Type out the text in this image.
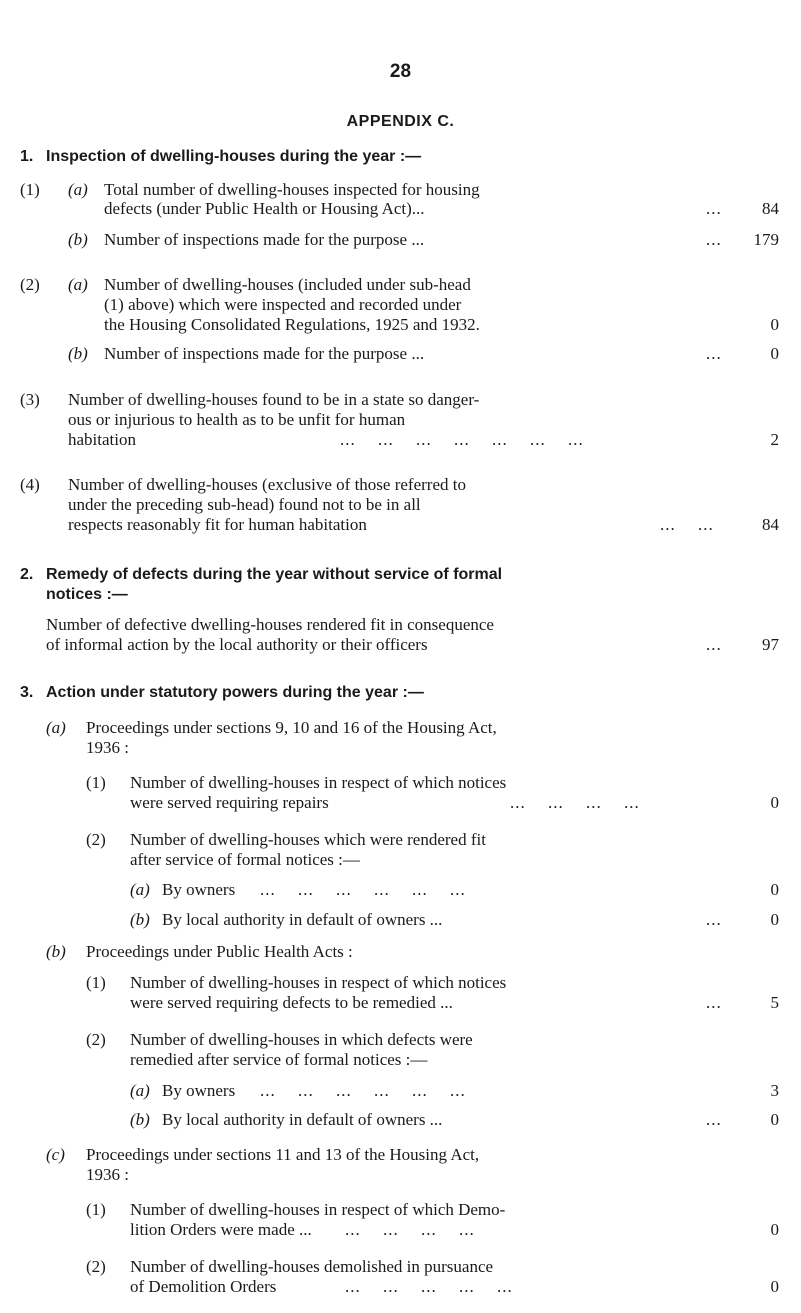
28
APPENDIX C.
1. Inspection of dwelling-houses during the year :—
(1) (a) Total number of dwelling-houses inspected for housing
defects (under Public Health or Housing Act)...	...	84
(b) Number of inspections made for the purpose ...	...	179
(2) (a) Number of dwelling-houses (included under sub-head
(1) above) which were inspected and recorded under
the Housing Consolidated Regulations, 1925 and 1932.	0
(b) Number of inspections made for the purpose ...	...	0
(3) Number of dwelling-houses found to be in a state so danger-
ous or injurious to health as to be unfit for human
habitation	... ... ... ... ... ... ...	2
(4) Number of dwelling-houses (exclusive of those referred to
under the preceding sub-head) found not to be in all
respects reasonably fit for human habitation	... ...	84
2. Remedy of defects during the year without service of formal
notices :—
Number of defective dwelling-houses rendered fit in consequence
of informal action by the local authority or their officers	...	97
3. Action under statutory powers during the year :—
(a) Proceedings under sections 9, 10 and 16 of the Housing Act,
1936 :
(1) Number of dwelling-houses in respect of which notices
were served requiring repairs	... ... ... ...	0
(2) Number of dwelling-houses which were rendered fit
after service of formal notices :—
(a) By owners ... ... ... ... ... ...	0
(b) By local authority in default of owners ...	...	0
(b) Proceedings under Public Health Acts :
(1) Number of dwelling-houses in respect of which notices
were served requiring defects to be remedied ...	...	5
(2) Number of dwelling-houses in which defects were
remedied after service of formal notices :—
(a) By owners ... ... ... ... ... ...	3
(b) By local authority in default of owners ...	...	0
(c) Proceedings under sections 11 and 13 of the Housing Act,
1936 :
(1) Number of dwelling-houses in respect of which Demo-
lition Orders were made ... ... ... ... ...	0
(2) Number of dwelling-houses demolished in pursuance
of Demolition Orders	... ... ... ... ...	0
